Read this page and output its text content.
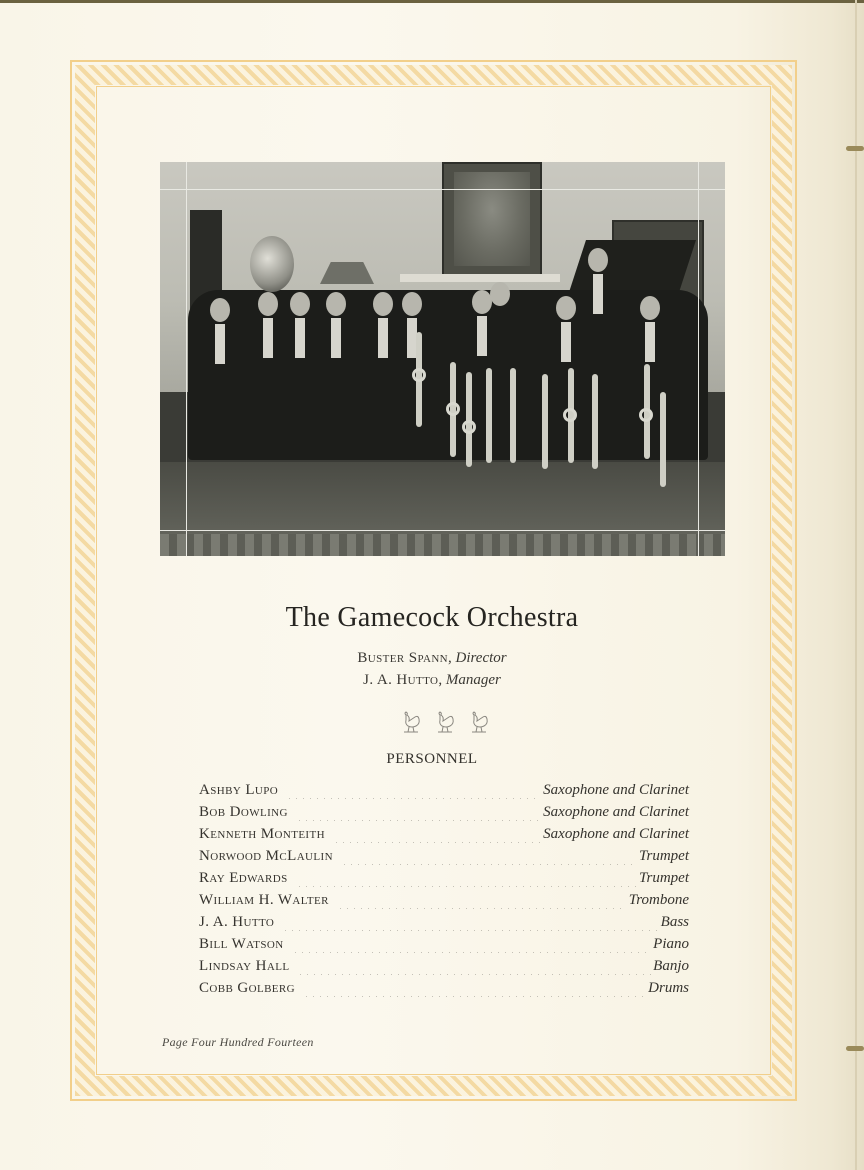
The Gamecock Orchestra
Buster Spann, Director
J. A. Hutto, Manager
PERSONNEL
Ashby Lupo	Saxophone and Clarinet
Bob Dowling	Saxophone and Clarinet
Kenneth Monteith	Saxophone and Clarinet
Norwood McLaulin	Trumpet
Ray Edwards	Trumpet
William H. Walter	Trombone
J. A. Hutto	Bass
Bill Watson	Piano
Lindsay Hall	Banjo
Cobb Golberg	Drums
Page Four Hundred Fourteen
